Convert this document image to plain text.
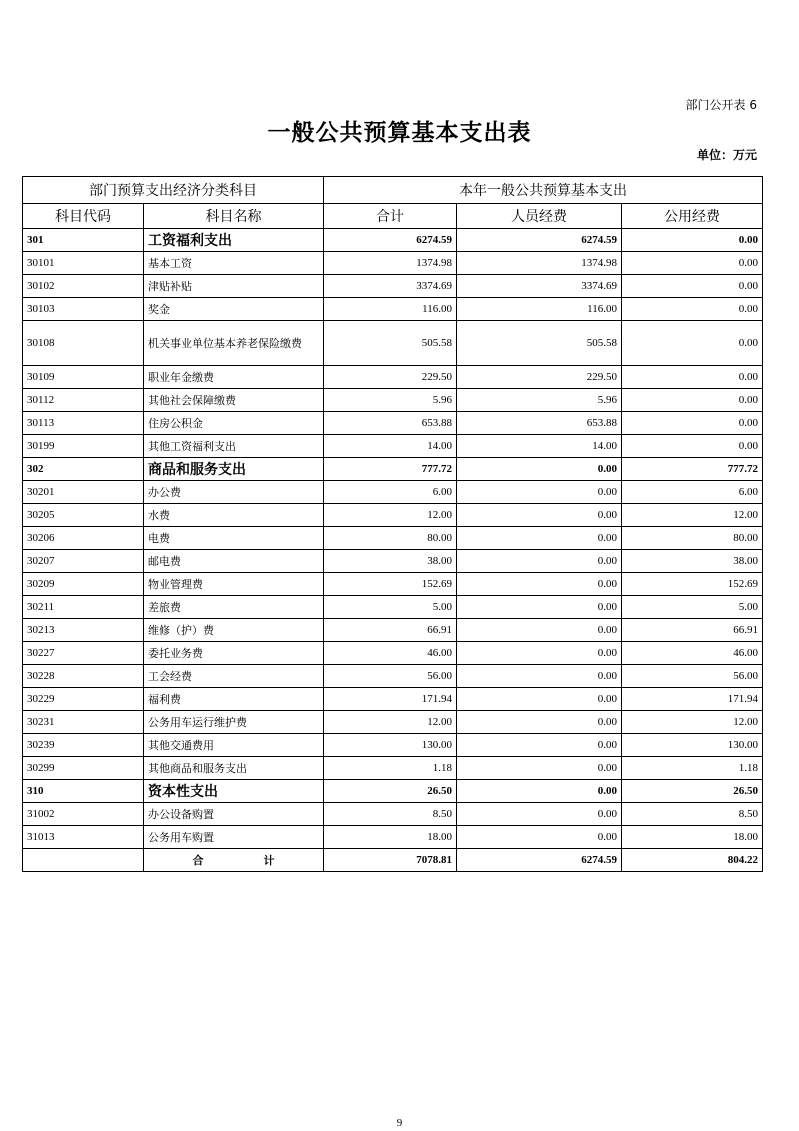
部门公开表 6
一般公共预算基本支出表
单位：万元
部门预算支出经济分类科目		本年一般公共预算基本支出		
科目代码	科目名称	合计	人员经费	公用经费
301	工资福利支出	6274.59	6274.59	0.00
30101	基本工资	1374.98	1374.98	0.00
30102	津贴补贴	3374.69	3374.69	0.00
30103	奖金	116.00	116.00	0.00
30108	机关事业单位基本养老保险缴费	505.58	505.58	0.00
30109	职业年金缴费	229.50	229.50	0.00
30112	其他社会保障缴费	5.96	5.96	0.00
30113	住房公积金	653.88	653.88	0.00
30199	其他工资福利支出	14.00	14.00	0.00
302	商品和服务支出	777.72	0.00	777.72
30201	办公费	6.00	0.00	6.00
30205	水费	12.00	0.00	12.00
30206	电费	80.00	0.00	80.00
30207	邮电费	38.00	0.00	38.00
30209	物业管理费	152.69	0.00	152.69
30211	差旅费	5.00	0.00	5.00
30213	维修（护）费	66.91	0.00	66.91
30227	委托业务费	46.00	0.00	46.00
30228	工会经费	56.00	0.00	56.00
30229	福利费	171.94	0.00	171.94
30231	公务用车运行维护费	12.00	0.00	12.00
30239	其他交通费用	130.00	0.00	130.00
30299	其他商品和服务支出	1.18	0.00	1.18
310	资本性支出	26.50	0.00	26.50
31002	办公设备购置	8.50	0.00	8.50
31013	公务用车购置	18.00	0.00	18.00
	合 计	7078.81	6274.59	804.22
9
